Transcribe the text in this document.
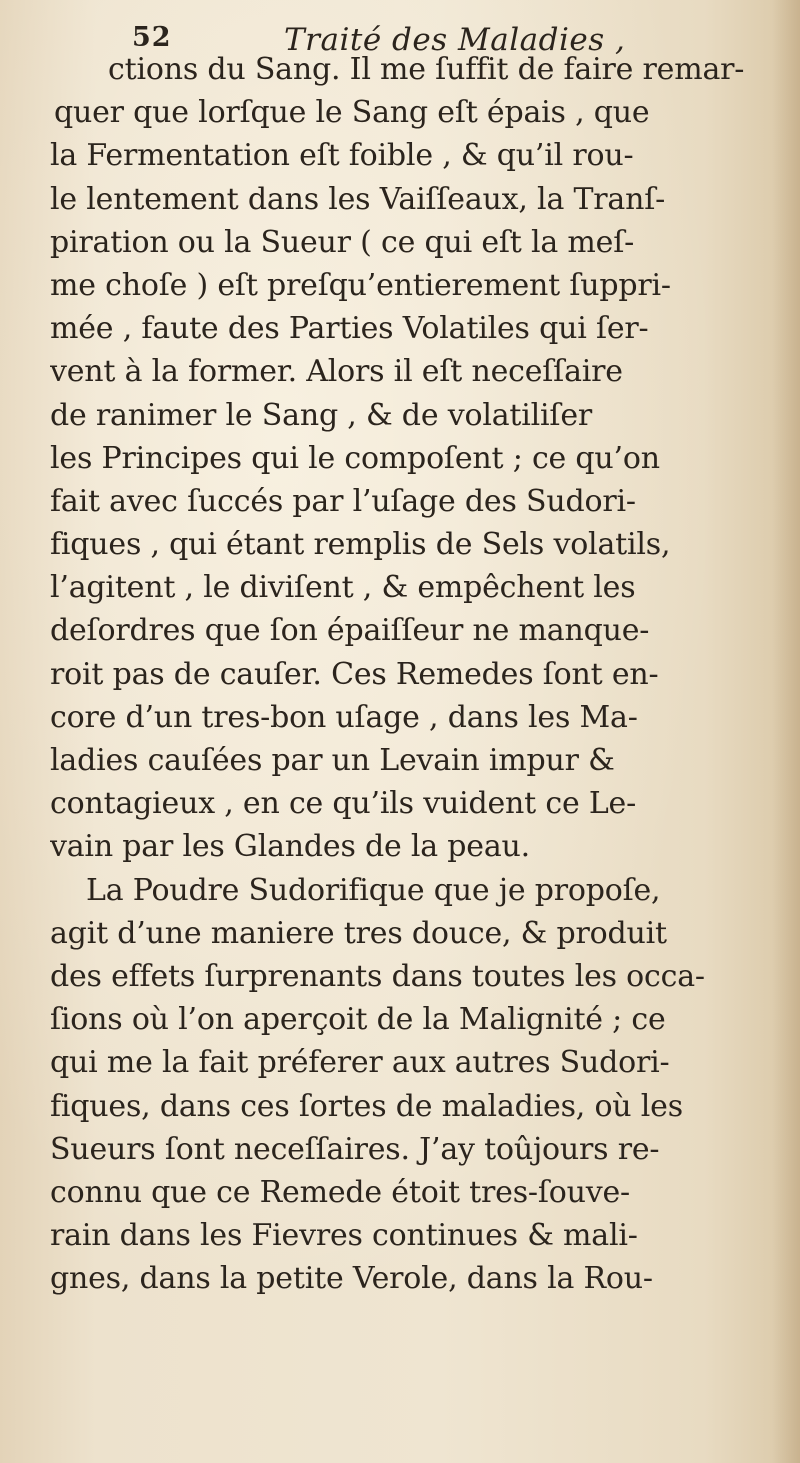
52	Traité des Maladies ,
ctions du Sang. Il me ſuffit de faire remar-
quer que lorſque le Sang eſt épais , que
la Fermentation eſt foible , & qu’il rou-
le lentement dans les Vaiſſeaux, la Tranſ-
piration ou la Sueur ( ce qui eſt la meſ-
me choſe ) eſt preſqu’entierement ſuppri-
mée , faute des Parties Volatiles qui ſer-
vent à la former. Alors il eſt neceſſaire
de ranimer le Sang , & de volatiliſer
les Principes qui le compoſent ; ce qu’on
fait avec ſuccés par l’uſage des Sudori-
fiques , qui étant remplis de Sels volatils,
l’agitent , le diviſent , & empêchent les
deſordres que ſon épaiſſeur ne manque-
roit pas de cauſer. Ces Remedes ſont en-
core d’un tres-bon uſage , dans les Ma-
ladies cauſées par un Levain impur &
contagieux , en ce qu’ils vuident ce Le-
vain par les Glandes de la peau.
La Poudre Sudorifique que je propoſe,
agit d’une maniere tres douce, & produit
des effets ſurprenants dans toutes les occa-
ſions où l’on aperçoit de la Malignité ; ce
qui me la fait préferer aux autres Sudori-
fiques, dans ces ſortes de maladies, où les
Sueurs ſont neceſſaires. J’ay toûjours re-
connu que ce Remede étoit tres-ſouve-
rain dans les Fievres continues & mali-
gnes, dans la petite Verole, dans la Rou-
